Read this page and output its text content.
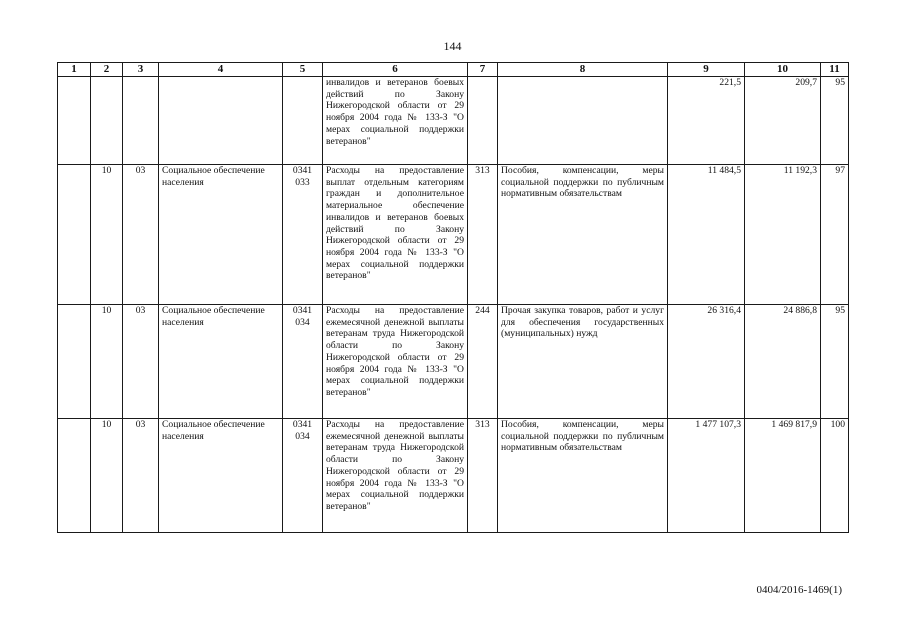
144
1	2	3	4	5	6	7	8	9	10	11
					инвалидов и ветеранов боевых действий по Закону Нижегородской области от 29 ноября 2004 года № 133-З "О мерах социальной поддержки ветеранов"			221,5	209,7	95
	10	03	Социальное обеспечение населения	0341 033	Расходы на предоставление выплат отдельным категориям граждан и дополнительное материальное обеспечение инвалидов и ветеранов боевых действий по Закону Нижегородской области от 29 ноября 2004 года № 133-З "О мерах социальной поддержки ветеранов"	313	Пособия, компенсации, меры социальной поддержки по публичным нормативным обязательствам	11 484,5	11 192,3	97
	10	03	Социальное обеспечение населения	0341 034	Расходы на предоставление ежемесячной денежной выплаты ветеранам труда Нижегородской области по Закону Нижегородской области от 29 ноября 2004 года № 133-З "О мерах социальной поддержки ветеранов"	244	Прочая закупка товаров, работ и услуг для обеспечения государственных (муниципальных) нужд	26 316,4	24 886,8	95
	10	03	Социальное обеспечение населения	0341 034	Расходы на предоставление ежемесячной денежной выплаты ветеранам труда Нижегородской области по Закону Нижегородской области от 29 ноября 2004 года № 133-З "О мерах социальной поддержки ветеранов"	313	Пособия, компенсации, меры социальной поддержки по публичным нормативным обязательствам	1 477 107,3	1 469 817,9	100
0404/2016-1469(1)
